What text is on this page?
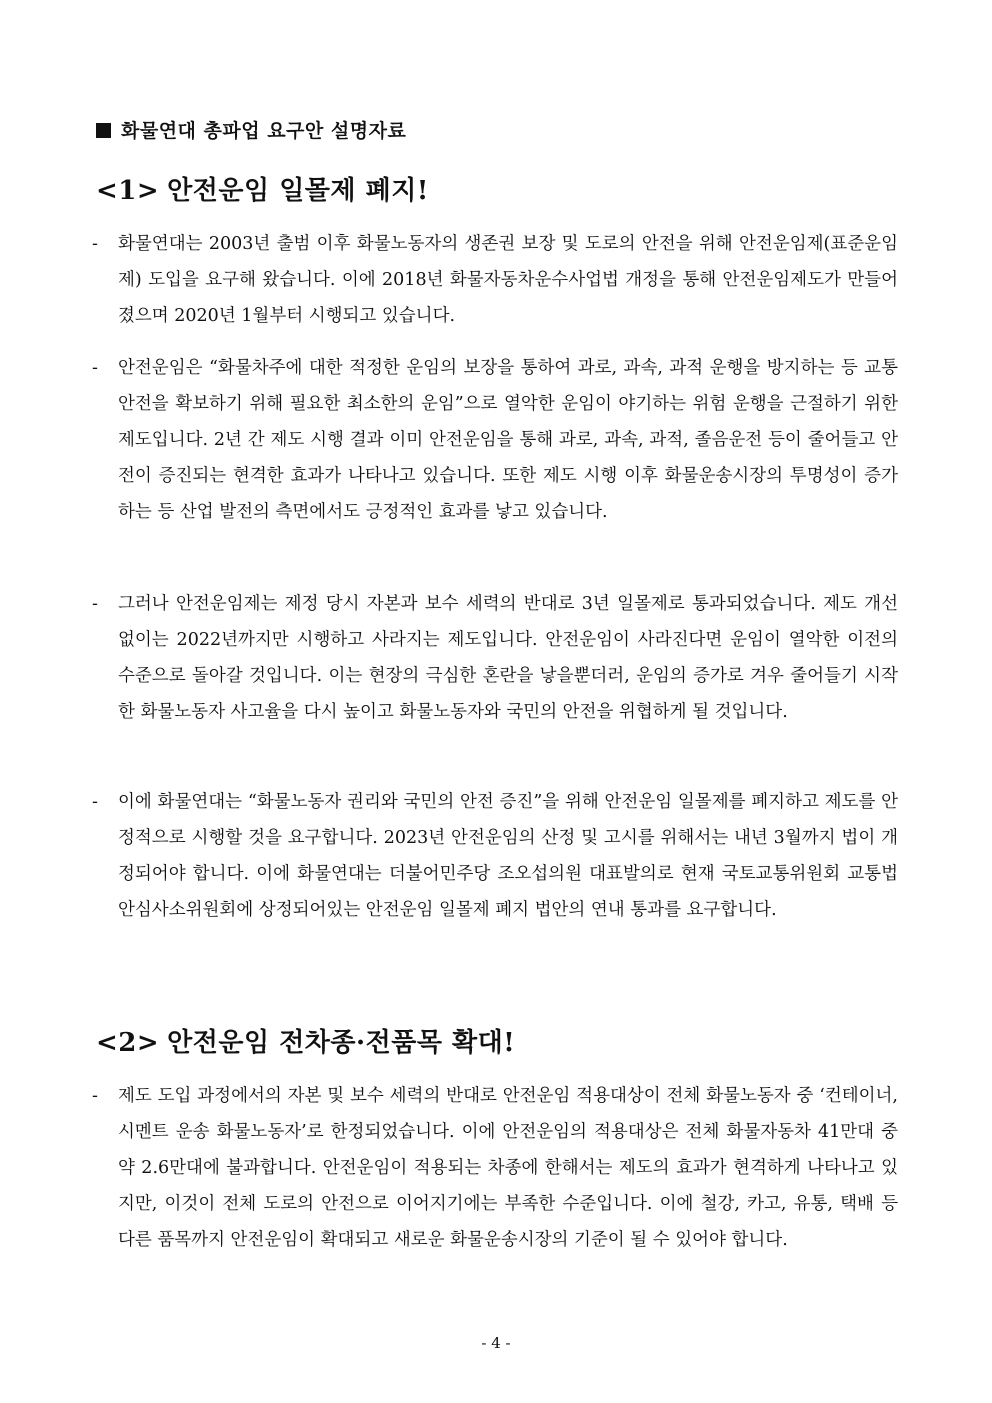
화물연대 총파업 요구안 설명자료
<1> 안전운임 일몰제 폐지!
- 화물연대는 2003년 출범 이후 화물노동자의 생존권 보장 및 도로의 안전을 위해 안전운임제(표준운임제) 도입을 요구해 왔습니다. 이에 2018년 화물자동차운수사업법 개정을 통해 안전운임제도가 만들어졌으며 2020년 1월부터 시행되고 있습니다.
- 안전운임은 “화물차주에 대한 적정한 운임의 보장을 통하여 과로, 과속, 과적 운행을 방지하는 등 교통안전을 확보하기 위해 필요한 최소한의 운임”으로 열악한 운임이 야기하는 위험 운행을 근절하기 위한 제도입니다. 2년 간 제도 시행 결과 이미 안전운임을 통해 과로, 과속, 과적, 졸음운전 등이 줄어들고 안전이 증진되는 현격한 효과가 나타나고 있습니다. 또한 제도 시행 이후 화물운송시장의 투명성이 증가하는 등 산업 발전의 측면에서도 긍정적인 효과를 낳고 있습니다.
- 그러나 안전운임제는 제정 당시 자본과 보수 세력의 반대로 3년 일몰제로 통과되었습니다. 제도 개선 없이는 2022년까지만 시행하고 사라지는 제도입니다. 안전운임이 사라진다면 운임이 열악한 이전의 수준으로 돌아갈 것입니다. 이는 현장의 극심한 혼란을 낳을뿐더러, 운임의 증가로 겨우 줄어들기 시작한 화물노동자 사고율을 다시 높이고 화물노동자와 국민의 안전을 위협하게 될 것입니다.
- 이에 화물연대는 “화물노동자 권리와 국민의 안전 증진”을 위해 안전운임 일몰제를 폐지하고 제도를 안정적으로 시행할 것을 요구합니다. 2023년 안전운임의 산정 및 고시를 위해서는 내년 3월까지 법이 개정되어야 합니다. 이에 화물연대는 더불어민주당 조오섭의원 대표발의로 현재 국토교통위원회 교통법안심사소위원회에 상정되어있는 안전운임 일몰제 폐지 법안의 연내 통과를 요구합니다.
<2> 안전운임 전차종·전품목 확대!
- 제도 도입 과정에서의 자본 및 보수 세력의 반대로 안전운임 적용대상이 전체 화물노동자 중 ‘컨테이너, 시멘트 운송 화물노동자’로 한정되었습니다. 이에 안전운임의 적용대상은 전체 화물자동차 41만대 중 약 2.6만대에 불과합니다. 안전운임이 적용되는 차종에 한해서는 제도의 효과가 현격하게 나타나고 있지만, 이것이 전체 도로의 안전으로 이어지기에는 부족한 수준입니다. 이에 철강, 카고, 유통, 택배 등 다른 품목까지 안전운임이 확대되고 새로운 화물운송시장의 기준이 될 수 있어야 합니다.
- 4 -
